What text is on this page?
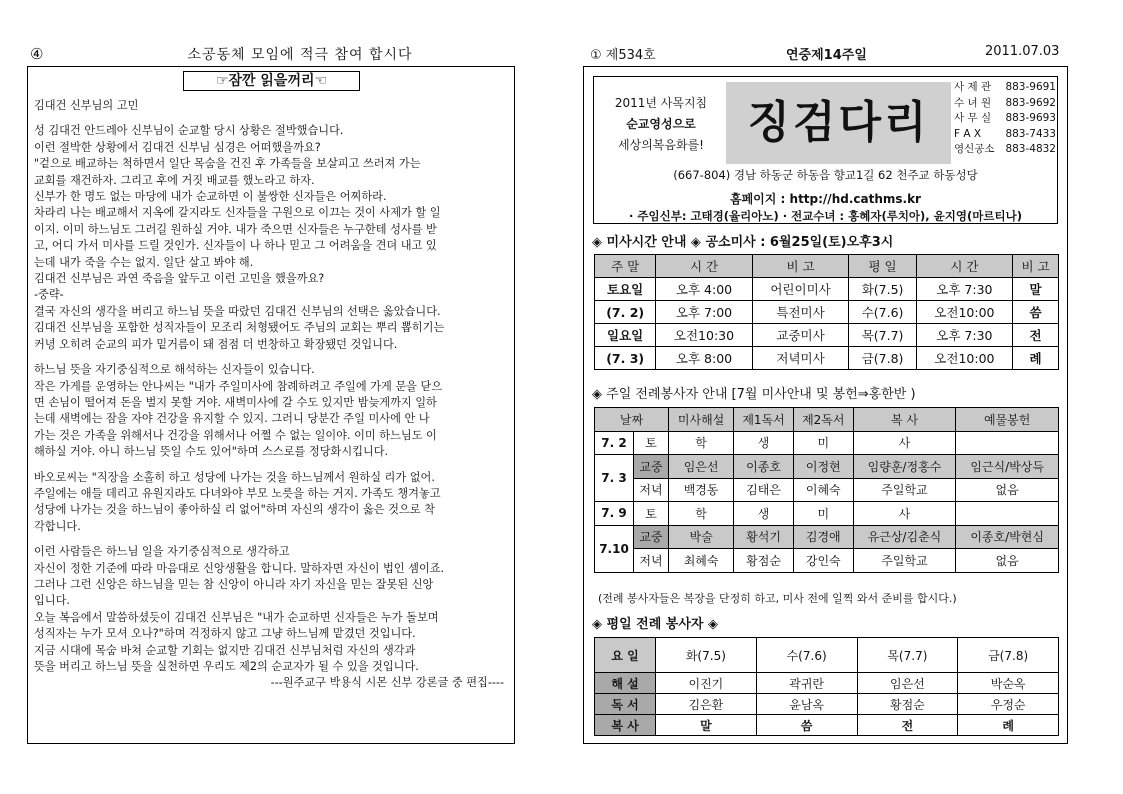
④	소공동체 모임에 적극 참여 합시다
☞잠깐 읽을꺼리☜
김대건 신부님의 고민
성 김대건 안드레아 신부님이 순교할 당시 상황은 절박했습니다.
이런 절박한 상황에서 김대건 신부님 심경은 어떠했을까요?
"겉으로 배교하는 척하면서 일단 목숨을 건진 후 가족들을 보살피고 쓰러져 가는
교회를 재건하자. 그리고 후에 거짓 배교를 했노라고 하자.
신부가 한 명도 없는 마당에 내가 순교하면 이 불쌍한 신자들은 어찌하라.
차라리 나는 배교해서 지옥에 갈지라도 신자들을 구원으로 이끄는 것이 사제가 할 일
이지. 이미 하느님도 그러길 원하실 거야. 내가 죽으면 신자들은 누구한테 성사를 받
고, 어디 가서 미사를 드릴 것인가. 신자들이 나 하나 믿고 그 어려움을 견뎌 내고 있
는데 내가 죽을 수는 없지. 일단 살고 봐야 해.
김대건 신부님은 과연 죽음을 앞두고 이런 고민을 했을까요?
-중략-
결국 자신의 생각을 버리고 하느님 뜻을 따랐던 김대건 신부님의 선택은 옳았습니다.
김대건 신부님을 포함한 성직자들이 모조리 처형됐어도 주님의 교회는 뿌리 뽑히기는
커녕 오히려 순교의 피가 밑거름이 돼 점점 더 번창하고 확장됐던 것입니다.
하느님 뜻을 자기중심적으로 해석하는 신자들이 있습니다.
작은 가게를 운영하는 안나씨는 "내가 주일미사에 참례하려고 주일에 가게 문을 닫으
면 손님이 떨어져 돈을 벌지 못할 거야. 새벽미사에 갈 수도 있지만 밤늦게까지 일하
는데 새벽에는 잠을 자야 건강을 유지할 수 있지. 그러니 당분간 주일 미사에 안 나
가는 것은 가족을 위해서나 건강을 위해서나 어쩔 수 없는 일이야. 이미 하느님도 이
해하실 거야. 아니 하느님 뜻일 수도 있어"하며 스스로를 정당화시킵니다.
바오로씨는 "직장을 소홀히 하고 성당에 나가는 것을 하느님께서 원하실 리가 없어.
주일에는 애들 데리고 유원지라도 다녀와야 부모 노릇을 하는 거지. 가족도 챙겨놓고
성당에 나가는 것을 하느님이 좋아하실 리 없어"하며 자신의 생각이 옳은 것으로 착
각합니다.
이런 사람들은 하느님 일을 자기중심적으로 생각하고
자신이 정한 기준에 따라 마음대로 신앙생활을 합니다. 말하자면 자신이 법인 셈이죠.
그러나 그런 신앙은 하느님을 믿는 참 신앙이 아니라 자기 자신을 믿는 잘못된 신앙
입니다.
오늘 복음에서 말씀하셨듯이 김대건 신부님은 "내가 순교하면 신자들은 누가 돌보며
성직자는 누가 모셔 오나?"하며 걱정하지 않고 그냥 하느님께 맡겼던 것입니다.
지금 시대에 목숨 바쳐 순교할 기회는 없지만 김대건 신부님처럼 자신의 생각과
뜻을 버리고 하느님 뜻을 실천하면 우리도 제2의 순교자가 될 수 있을 것입니다.
---원주교구 박용식 시몬 신부 강론글 중 편집----
① 제534호	연중제14주일	2011.07.03
2011년 사목지침
순교영성으로
세상의복음화를! 징검다리
사 제 관 883-9691
수 녀 원 883-9692
사 무 실 883-9693
F A X 883-7433
영신공소 883-4832
(667-804) 경남 하동군 하동읍 향교1길 62 천주교 하동성당
홈페이지 : http://hd.cathms.kr
· 주임신부: 고태경(율리아노) · 전교수녀 : 홍혜자(루치아), 윤지영(마르티나)
◈ 미사시간 안내 ◈ 공소미사 : 6월25일(토)오후3시
주 말	시 간	비 고	평 일	시 간	비 고
토요일	오후 4:00	어린이미사	화(7.5)	오후 7:30	말
(7. 2)	오후 7:00	특전미사	수(7.6)	오전10:00	씀
일요일	오전10:30	교중미사	목(7.7)	오후 7:30	전
(7. 3)	오후 8:00	저녁미사	금(7.8)	오전10:00	례
◈ 주일 전례봉사자 안내 [7월 미사안내 및 봉헌⇒홍한반 )
날짜		미사해설	제1독서	제2독서	복 사	예물봉헌
7. 2	토	학	생	미	사	
7. 3	교중	임은선	이종호	이정현	임량훈/정홍수	임근식/박상득
	저녁	백경동	김태은	이혜숙	주일학교	없음
7. 9	토	학	생	미	사	
7.10	교중	박술	황석기	김경애	유근상/김춘식	이종호/박현심
	저녁	최혜숙	황점순	강인숙	주일학교	없음
(전례 봉사자들은 복장을 단정히 하고, 미사 전에 일찍 와서 준비를 합시다.)
◈ 평일 전례 봉사자 ◈
요 일	화(7.5)	수(7.6)	목(7.7)	금(7.8)
해 설	이진기	곽귀란	임은선	박순옥
독 서	김은환	윤남옥	황점순	우정순
복 사	말	씀	전	례
